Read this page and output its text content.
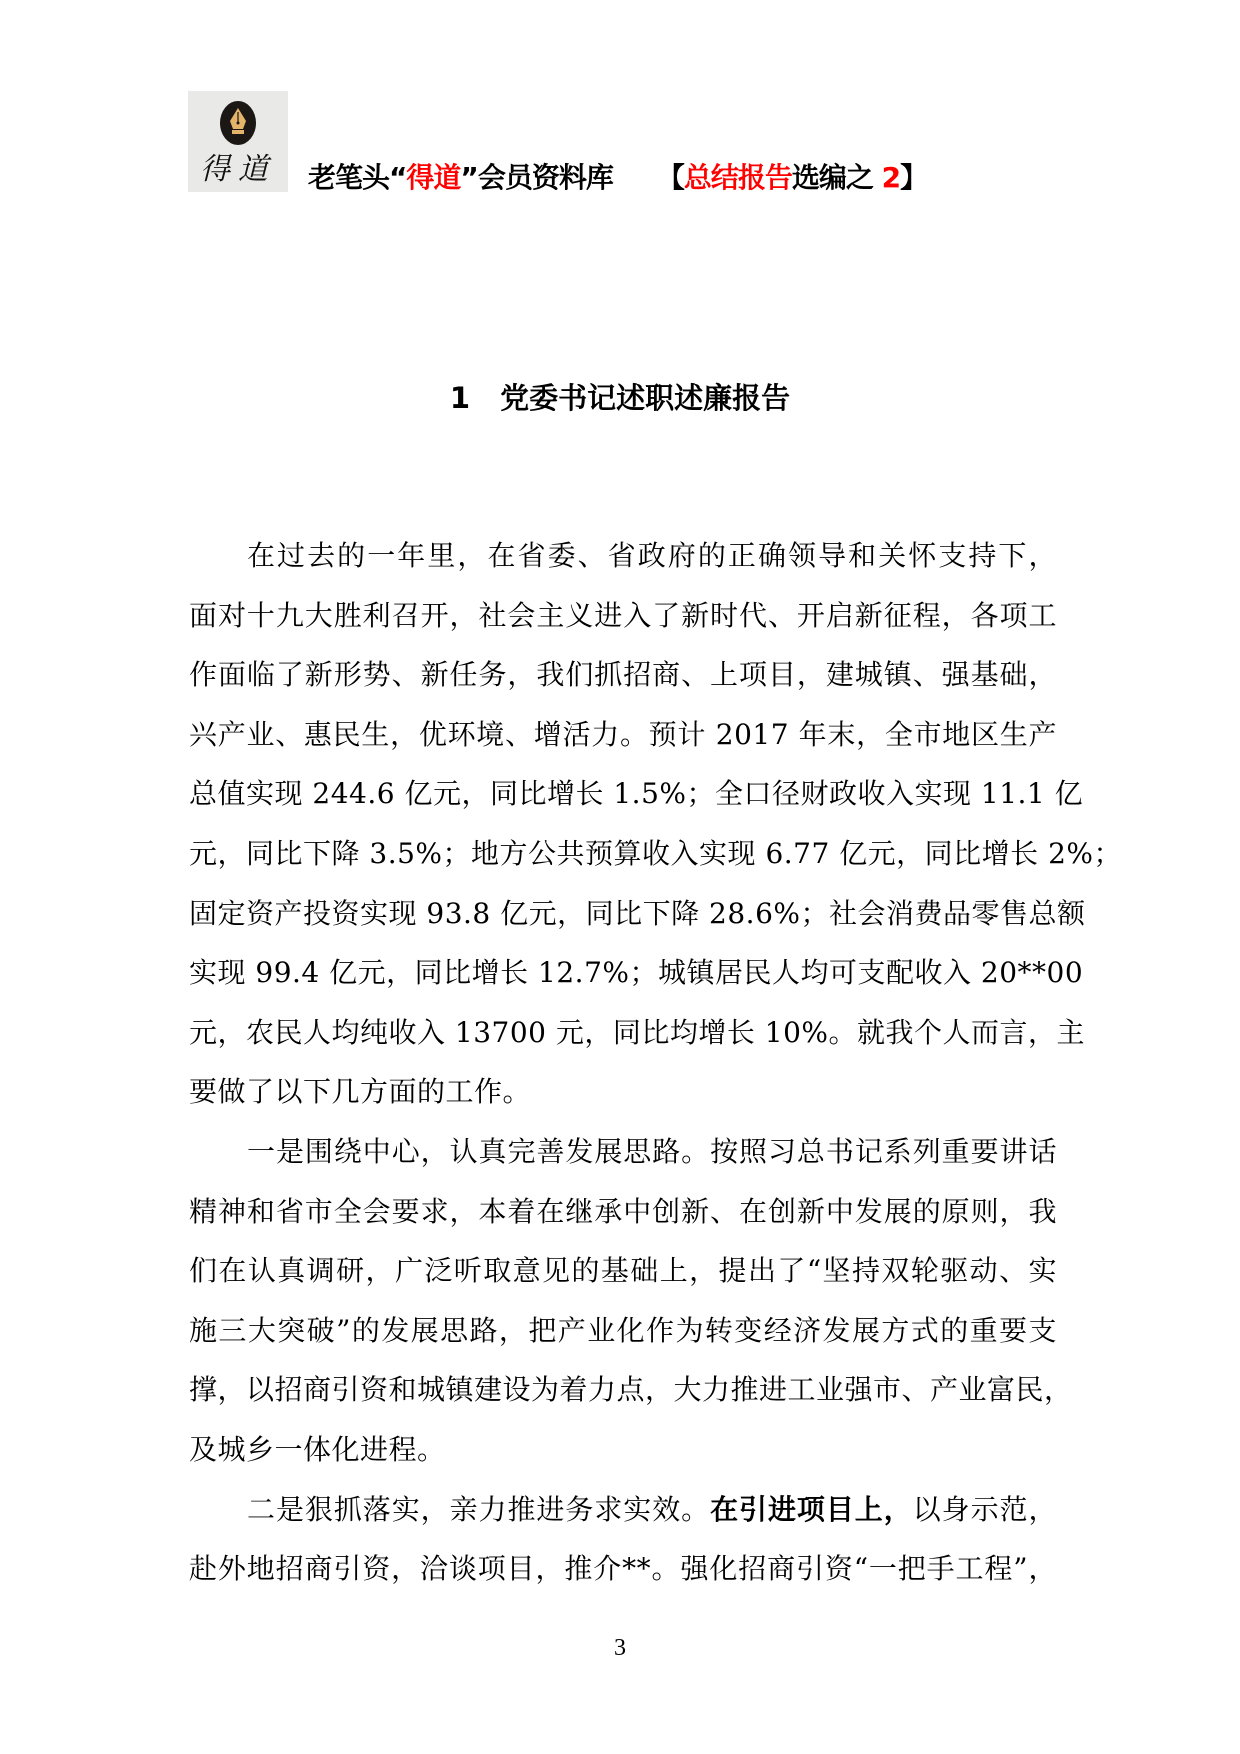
得道 老笔头“得道”会员资料库 【总结报告选编之 2】
1 党委书记述职述廉报告
在过去的一年里，在省委、省政府的正确领导和关怀支持下，
面对十九大胜利召开，社会主义进入了新时代、开启新征程，各项工
作面临了新形势、新任务，我们抓招商、上项目，建城镇、强基础，
兴产业、惠民生，优环境、增活力。预计 2017 年末，全市地区生产
总值实现 244.6 亿元，同比增长 1.5%；全口径财政收入实现 11.1 亿
元，同比下降 3.5%；地方公共预算收入实现 6.77 亿元，同比增长 2%；
固定资产投资实现 93.8 亿元，同比下降 28.6%；社会消费品零售总额
实现 99.4 亿元，同比增长 12.7%；城镇居民人均可支配收入 20**00
元，农民人均纯收入 13700 元，同比均增长 10%。就我个人而言，主
要做了以下几方面的工作。
一是围绕中心，认真完善发展思路。按照习总书记系列重要讲话
精神和省市全会要求，本着在继承中创新、在创新中发展的原则，我
们在认真调研，广泛听取意见的基础上，提出了“坚持双轮驱动、实
施三大突破”的发展思路，把产业化作为转变经济发展方式的重要支
撑，以招商引资和城镇建设为着力点，大力推进工业强市、产业富民，
及城乡一体化进程。
二是狠抓落实，亲力推进务求实效。在引进项目上，以身示范，
赴外地招商引资，洽谈项目，推介**。强化招商引资“一把手工程”，
3
